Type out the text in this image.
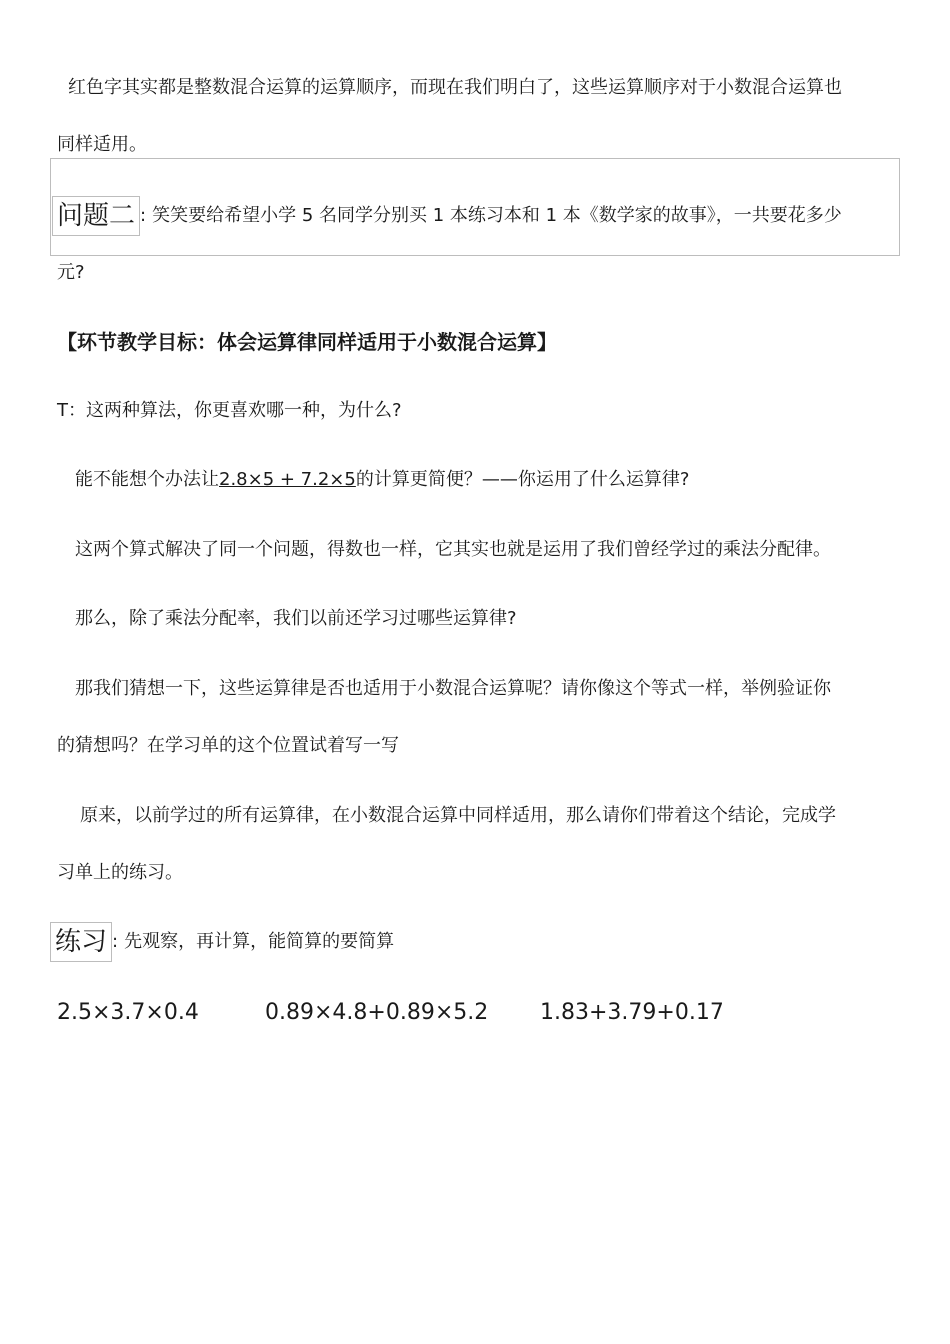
红色字其实都是整数混合运算的运算顺序，而现在我们明白了，这些运算顺序对于小数混合运算也
同样适用。
问题二 : 笑笑要给希望小学 5 名同学分别买 1 本练习本和 1 本《数学家的故事》，一共要花多少
元?
【环节教学目标：体会运算律同样适用于小数混合运算】
T：这两种算法，你更喜欢哪一种，为什么?
能不能想个办法让2.8×5 + 7.2×5的计算更简便？——你运用了什么运算律?
这两个算式解决了同一个问题，得数也一样，它其实也就是运用了我们曾经学过的乘法分配律。
那么，除了乘法分配率，我们以前还学习过哪些运算律?
那我们猜想一下，这些运算律是否也适用于小数混合运算呢？请你像这个等式一样，举例验证你
的猜想吗？在学习单的这个位置试着写一写
原来，以前学过的所有运算律，在小数混合运算中同样适用，那么请你们带着这个结论，完成学
习单上的练习。
练习 : 先观察，再计算，能简算的要简算
2.5×3.7×0.4	0.89×4.8+0.89×5.2 1.83+3.79+0.17
